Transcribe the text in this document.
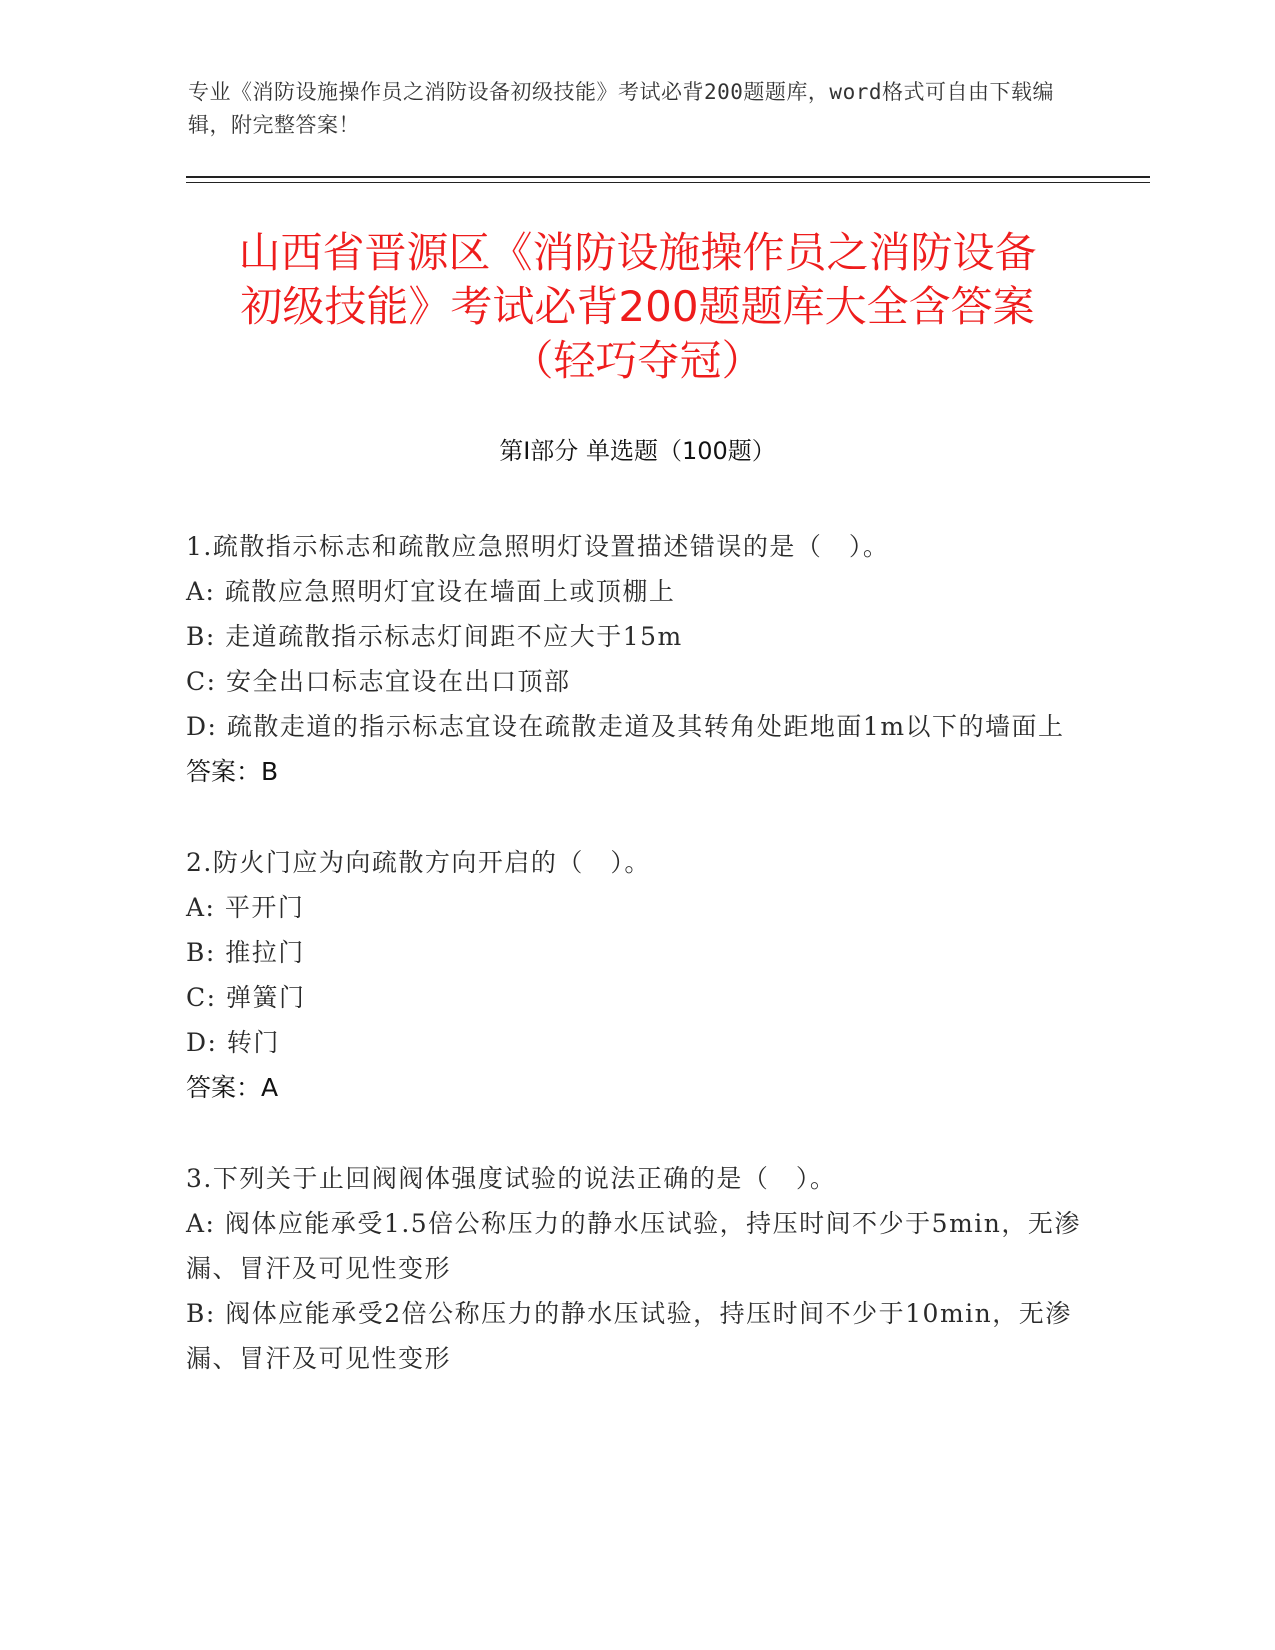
专业《消防设施操作员之消防设备初级技能》考试必背200题题库，word格式可自由下载编辑，附完整答案！
山西省晋源区《消防设施操作员之消防设备
初级技能》考试必背200题题库大全含答案
（轻巧夺冠）
第Ⅰ部分 单选题（100题）

1.疏散指示标志和疏散应急照明灯设置描述错误的是（　）。

A: 疏散应急照明灯宜设在墙面上或顶棚上

B: 走道疏散指示标志灯间距不应大于15m

C: 安全出口标志宜设在出口顶部

D: 疏散走道的指示标志宜设在疏散走道及其转角处距地面1m以下的墙面上

答案：B

2.防火门应为向疏散方向开启的（　）。

A: 平开门

B: 推拉门

C: 弹簧门

D: 转门

答案：A

3.下列关于止回阀阀体强度试验的说法正确的是（　）。

A: 阀体应能承受1.5倍公称压力的静水压试验，持压时间不少于5min，无渗漏、冒汗及可见性变形

B: 阀体应能承受2倍公称压力的静水压试验，持压时间不少于10min，无渗漏、冒汗及可见性变形
